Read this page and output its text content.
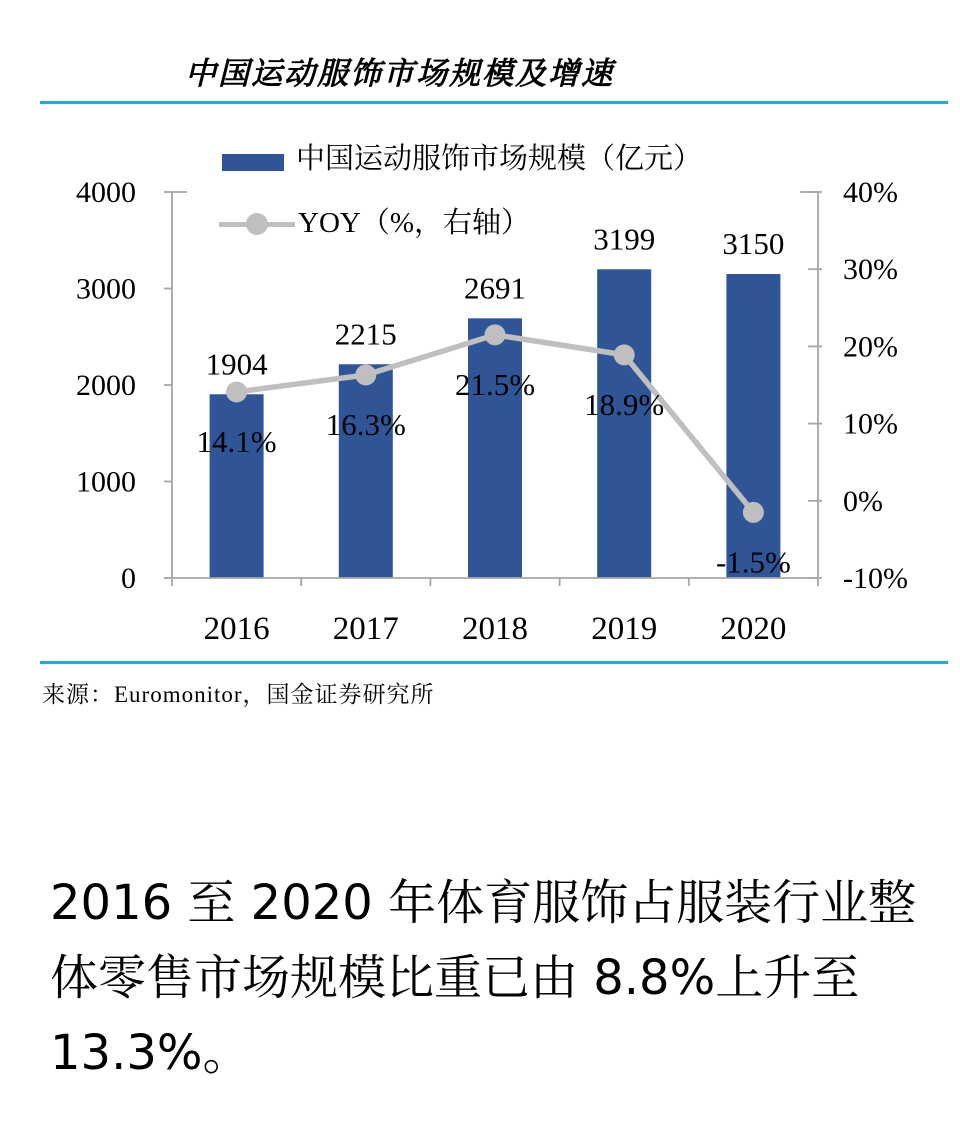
中国运动服饰市场规模及增速
4000
3000
2000
1000
0
40%
30%
20%
10%
0%
-10%
2016 2017 2018 2019 2020
1904
2215
2691
3199 3150
14.1% 16.3%
21.5%
18.9%
-1.5%
中国运动服饰市场规模（亿元）
YOY（%，右轴）
来源：Euromonitor，国金证券研究所
2016 至 2020 年体育服饰占服装行业整
体零售市场规模比重已由 8.8%上升至
13.3%。
